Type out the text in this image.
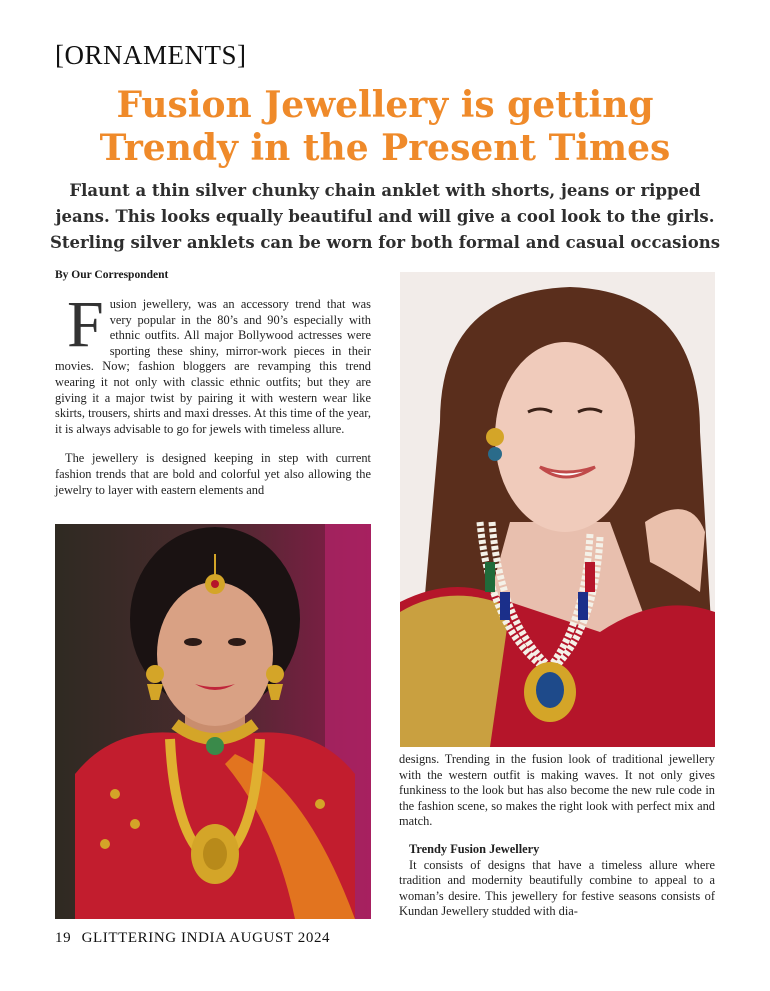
[ORNAMENTS]
Fusion Jewellery is getting
Trendy in the Present Times
Flaunt a thin silver chunky chain anklet with shorts, jeans or ripped jeans. This looks equally beautiful and will give a cool look to the girls. Sterling silver anklets can be worn for both formal and casual occasions
By Our Correspondent

Fusion jewellery, was an accessory trend that was very popular in the 80’s and 90’s especially with ethnic outfits. All major Bollywood actresses were sporting these shiny, mirror-work pieces in their movies. Now; fashion bloggers are revamping this trend wearing it not only with classic ethnic outfits; but they are giving it a major twist by pairing it with western wear like skirts, trousers, shirts and maxi dresses. At this time of the year, it is always advisable to go for jewels with timeless allure.

The jewellery is designed keeping in step with current fashion trends that are bold and colorful yet also allowing the jewelry to layer with eastern elements and

designs. Trending in the fusion look of traditional jewellery with the western outfit is making waves. It not only gives funkiness to the look but has also become the new rule code in the fashion scene, so makes the right look with perfect mix and match.

Trendy Fusion Jewellery

It consists of designs that have a timeless allure where tradition and modernity beautifully combine to appeal to a woman’s desire. This jewellery for festive seasons consists of Kundan Jewellery studded with dia-

19 GLITTERING INDIA AUGUST 2024
